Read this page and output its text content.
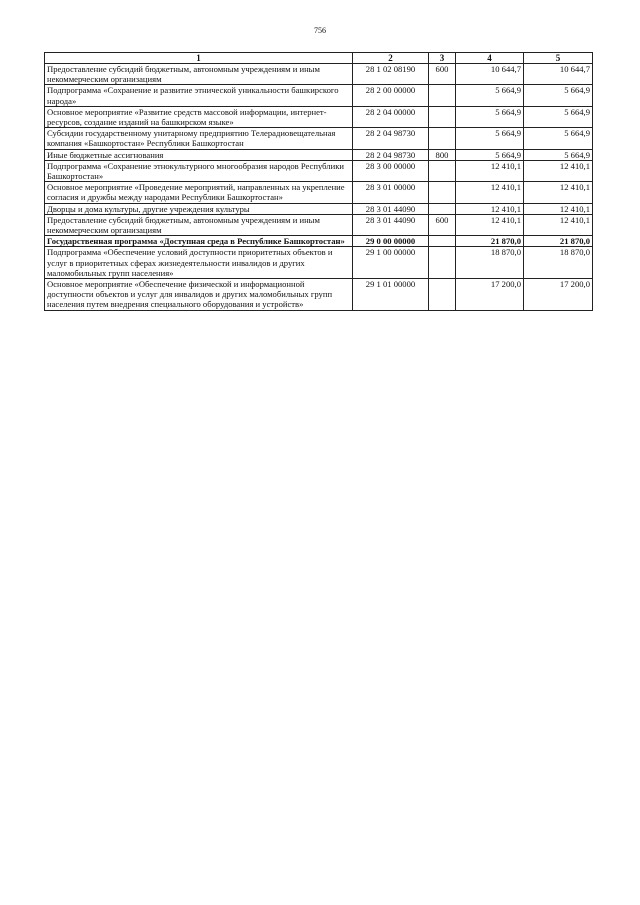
756
1	2	3	4	5
Предоставление субсидий бюджетным, автономным учреждениям и иным некоммерческим организациям	28 1 02 08190	600	10 644,7	10 644,7
Подпрограмма «Сохранение и развитие этнической уникальности башкирского народа»	28 2 00 00000		5 664,9	5 664,9
Основное мероприятие «Развитие средств массовой информации, интернет-ресурсов, создание изданий на башкирском языке»	28 2 04 00000		5 664,9	5 664,9
Субсидии государственному унитарному предприятию Телерадиовещательная компания «Башкортостан» Республики Башкортостан	28 2 04 98730		5 664,9	5 664,9
Иные бюджетные ассигнования	28 2 04 98730	800	5 664,9	5 664,9
Подпрограмма «Сохранение этнокультурного многообразия народов Республики Башкортостан»	28 3 00 00000		12 410,1	12 410,1
Основное мероприятие «Проведение мероприятий, направленных на укрепление согласия и дружбы между народами Республики Башкортостан»	28 3 01 00000		12 410,1	12 410,1
Дворцы и дома культуры, другие учреждения культуры	28 3 01 44090		12 410,1	12 410,1
Предоставление субсидий бюджетным, автономным учреждениям и иным некоммерческим организациям	28 3 01 44090	600	12 410,1	12 410,1
Государственная программа «Доступная среда в Республике Башкортостан»	29 0 00 00000		21 870,0	21 870,0
Подпрограмма «Обеспечение условий доступности приоритетных объектов и услуг в приоритетных сферах жизнедеятельности инвалидов и других маломобильных групп населения»	29 1 00 00000		18 870,0	18 870,0
Основное мероприятие «Обеспечение физической и информационной доступности объектов и услуг для инвалидов и других маломобильных групп населения путем внедрения специального оборудования и устройств»	29 1 01 00000		17 200,0	17 200,0
